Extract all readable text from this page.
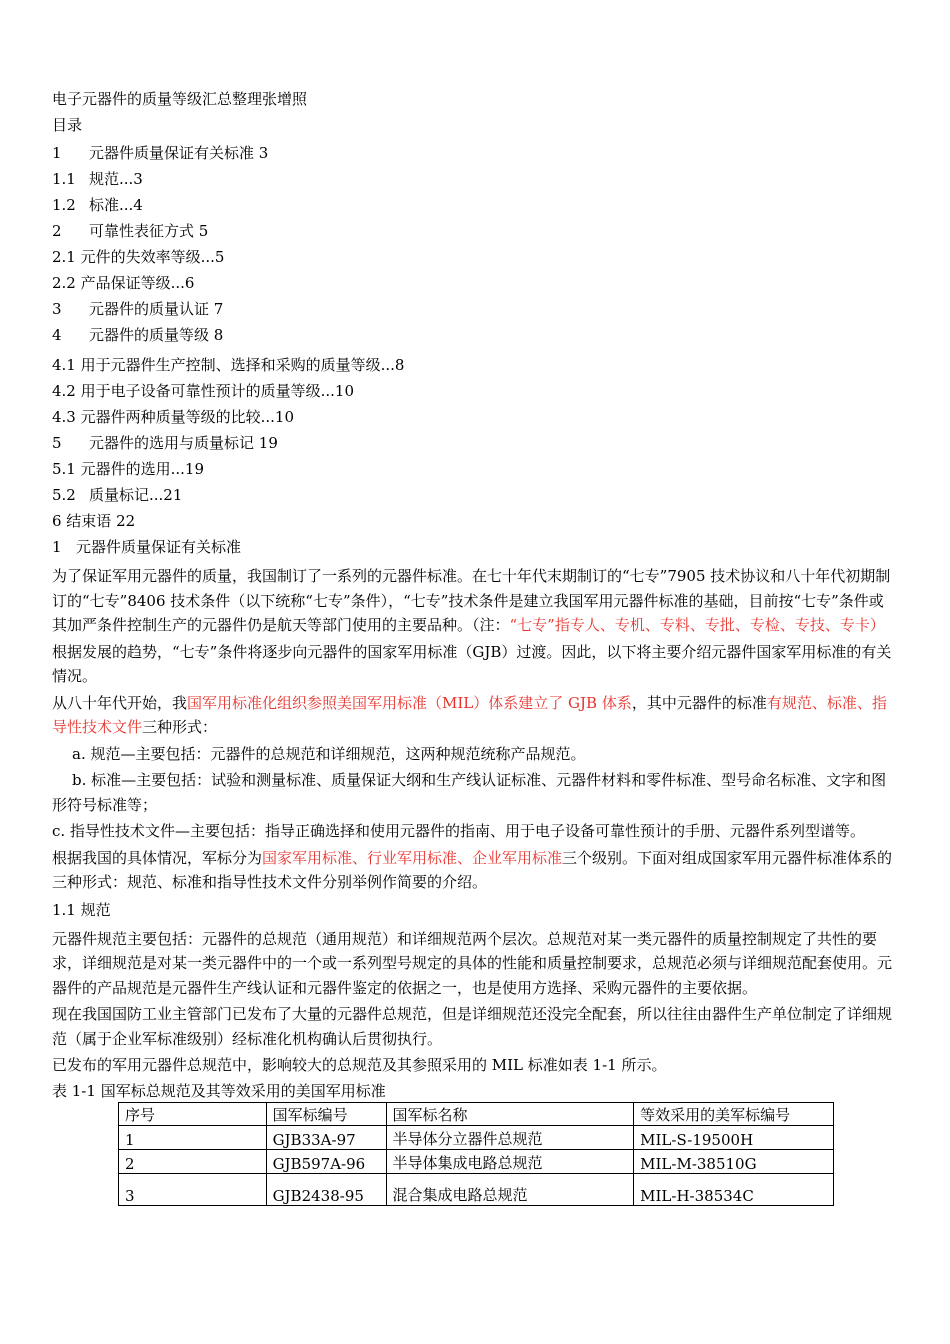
电子元器件的质量等级汇总整理张增照
目录
1	元器件质量保证有关标准 3
1.1 规范...3
1.2 标准...4
2	可靠性表征方式 5
2.1 元件的失效率等级...5
2.2 产品保证等级...6
3	元器件的质量认证 7
4	元器件的质量等级 8
4.1 用于元器件生产控制、选择和采购的质量等级...8
4.2 用于电子设备可靠性预计的质量等级...10
4.3 元器件两种质量等级的比较...10
5	元器件的选用与质量标记 19
5.1 元器件的选用...19
5.2 质量标记...21
6 结束语 22
1 元器件质量保证有关标准
为了保证军用元器件的质量，我国制订了一系列的元器件标准。在七十年代末期制订的“七专”7905 技术协议和八十年代初期制订的“七专”8406 技术条件（以下统称“七专”条件），“七专”技术条件是建立我国军用元器件标准的基础，目前按“七专”条件或其加严条件控制生产的元器件仍是航天等部门使用的主要品种。（注：“七专”指专人、专机、专料、专批、专检、专技、专卡）
根据发展的趋势，“七专”条件将逐步向元器件的国家军用标准（GJB）过渡。因此，以下将主要介绍元器件国家军用标准的有关情况。
从八十年代开始，我国军用标准化组织参照美国军用标准（MIL）体系建立了 GJB 体系，其中元器件的标准有规范、标准、指导性技术文件三种形式：
a. 规范—主要包括：元器件的总规范和详细规范，这两种规范统称产品规范。
b. 标准—主要包括：试验和测量标准、质量保证大纲和生产线认证标准、元器件材料和零件标准、型号命名标准、文字和图形符号标准等；
c. 指导性技术文件—主要包括：指导正确选择和使用元器件的指南、用于电子设备可靠性预计的手册、元器件系列型谱等。
根据我国的具体情况，军标分为国家军用标准、行业军用标准、企业军用标准三个级别。下面对组成国家军用元器件标准体系的三种形式：规范、标准和指导性技术文件分别举例作简要的介绍。
1.1 规范
元器件规范主要包括：元器件的总规范（通用规范）和详细规范两个层次。总规范对某一类元器件的质量控制规定了共性的要求，详细规范是对某一类元器件中的一个或一系列型号规定的具体的性能和质量控制要求，总规范必须与详细规范配套使用。元器件的产品规范是元器件生产线认证和元器件鉴定的依据之一，也是使用方选择、采购元器件的主要依据。
现在我国国防工业主管部门已发布了大量的元器件总规范，但是详细规范还没完全配套，所以往往由器件生产单位制定了详细规范（属于企业军标准级别）经标准化机构确认后贯彻执行。
已发布的军用元器件总规范中，影响较大的总规范及其参照采用的 MIL 标准如表 1-1 所示。
表 1-1 国军标总规范及其等效采用的美国军用标准
序号	国军标编号	国军标名称	等效采用的美军标编号
1	GJB33A-97	半导体分立器件总规范	MIL-S-19500H
2	GJB597A-96	半导体集成电路总规范	MIL-M-38510G
3	GJB2438-95	混合集成电路总规范	MIL-H-38534C
